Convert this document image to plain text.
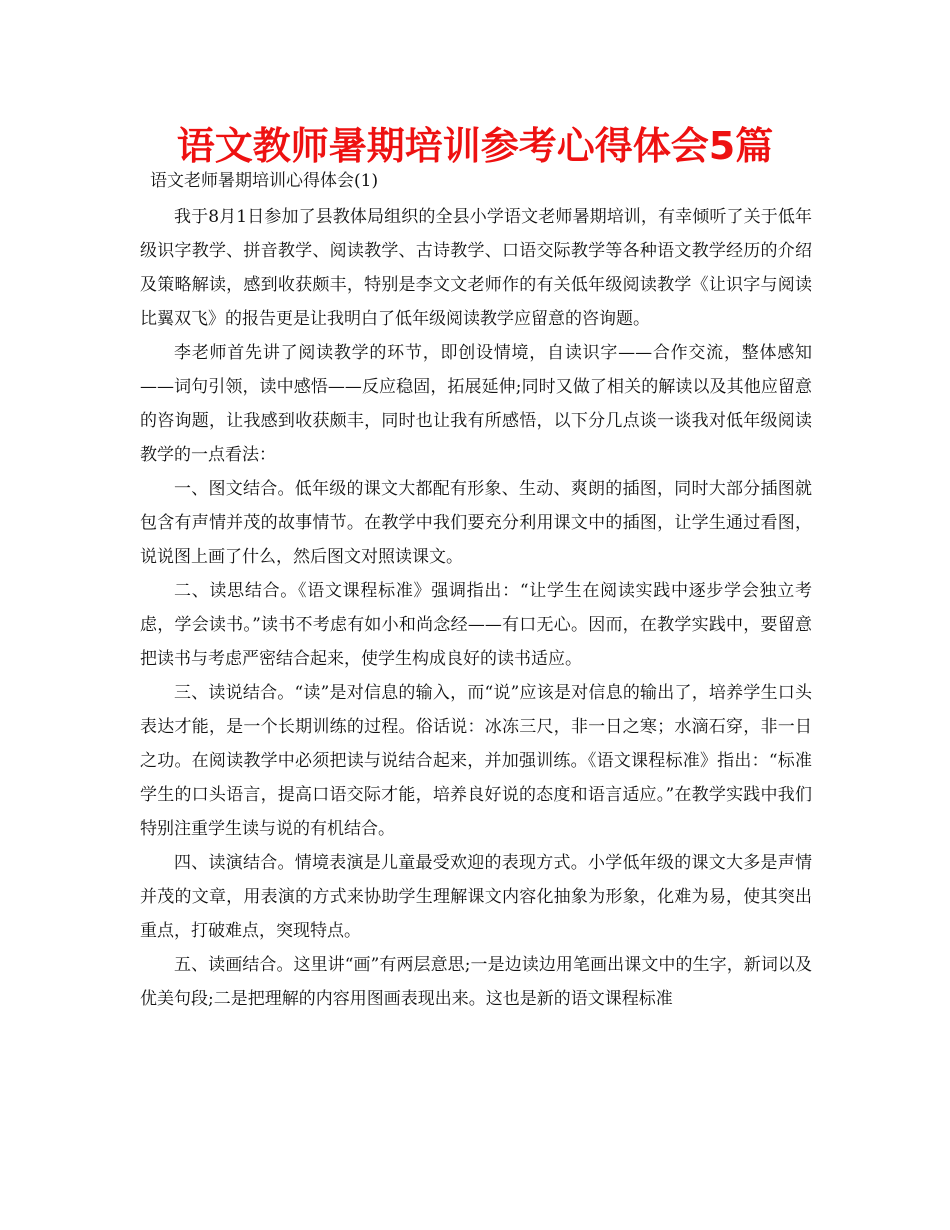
语文教师暑期培训参考心得体会5篇
语文老师暑期培训心得体会(1)

我于8月1日参加了县教体局组织的全县小学语文老师暑期培训，有幸倾听了关于低年级识字教学、拼音教学、阅读教学、古诗教学、口语交际教学等各种语文教学经历的介绍及策略解读，感到收获颇丰，特别是李文文老师作的有关低年级阅读教学《让识字与阅读比翼双飞》的报告更是让我明白了低年级阅读教学应留意的咨询题。

李老师首先讲了阅读教学的环节，即创设情境，自读识字——合作交流，整体感知——词句引领，读中感悟——反应稳固，拓展延伸;同时又做了相关的解读以及其他应留意的咨询题，让我感到收获颇丰，同时也让我有所感悟，以下分几点谈一谈我对低年级阅读教学的一点看法：

一、图文结合。低年级的课文大都配有形象、生动、爽朗的插图，同时大部分插图就包含有声情并茂的故事情节。在教学中我们要充分利用课文中的插图，让学生通过看图，说说图上画了什么，然后图文对照读课文。

二、读思结合。《语文课程标准》强调指出：“让学生在阅读实践中逐步学会独立考虑，学会读书。”读书不考虑有如小和尚念经——有口无心。因而，在教学实践中，要留意把读书与考虑严密结合起来，使学生构成良好的读书适应。

三、读说结合。“读”是对信息的输入，而“说”应该是对信息的输出了，培养学生口头表达才能，是一个长期训练的过程。俗话说：冰冻三尺，非一日之寒；水滴石穿，非一日之功。在阅读教学中必须把读与说结合起来，并加强训练。《语文课程标准》指出：“标准学生的口头语言，提高口语交际才能，培养良好说的态度和语言适应。”在教学实践中我们特别注重学生读与说的有机结合。

四、读演结合。情境表演是儿童最受欢迎的表现方式。小学低年级的课文大多是声情并茂的文章，用表演的方式来协助学生理解课文内容化抽象为形象，化难为易，使其突出重点，打破难点，突现特点。

五、读画结合。这里讲“画”有两层意思;一是边读边用笔画出课文中的生字，新词以及优美句段;二是把理解的内容用图画表现出来。这也是新的语文课程标准
